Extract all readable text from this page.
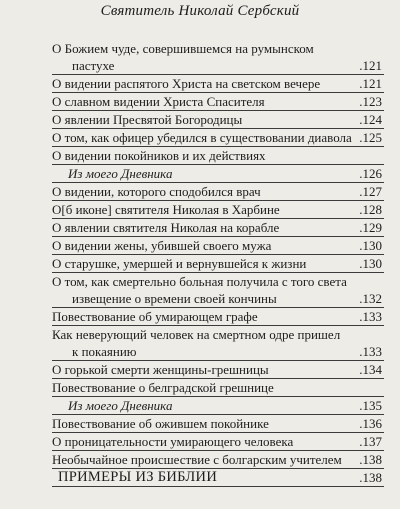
Святитель Николай Сербский
О Божием чуде, совершившемся на румынском
пастухе	.121
О видении распятого Христа на светском вечере	.121
О славном видении Христа Спасителя	.123
О явлении Пресвятой Богородицы	.124
О том, как офицер убедился в существовании диавола .125
О видении покойников и их действиях
Из моего Дневника	.126
О видении, которого сподобился врач	.127
О[б иконе] святителя Николая в Харбине	.128
О явлении святителя Николая на корабле	.129
О видении жены, убившей своего мужа	.130
О старушке, умершей и вернувшейся к жизни	.130
О том, как смертельно больная получила с того света
извещение о времени своей кончины	.132
Повествование об умирающем графе	.133
Как неверующий человек на смертном одре пришел
к покаянию	.133
О горькой смерти женщины-грешницы	.134
Повествование о белградской грешнице
Из моего Дневника	.135
Повествование об ожившем покойнике	.136
О проницательности умирающего человека	.137
Необычайное происшествие с болгарским учителем .138
ПРИМЕРЫ ИЗ БИБЛИИ	.138
